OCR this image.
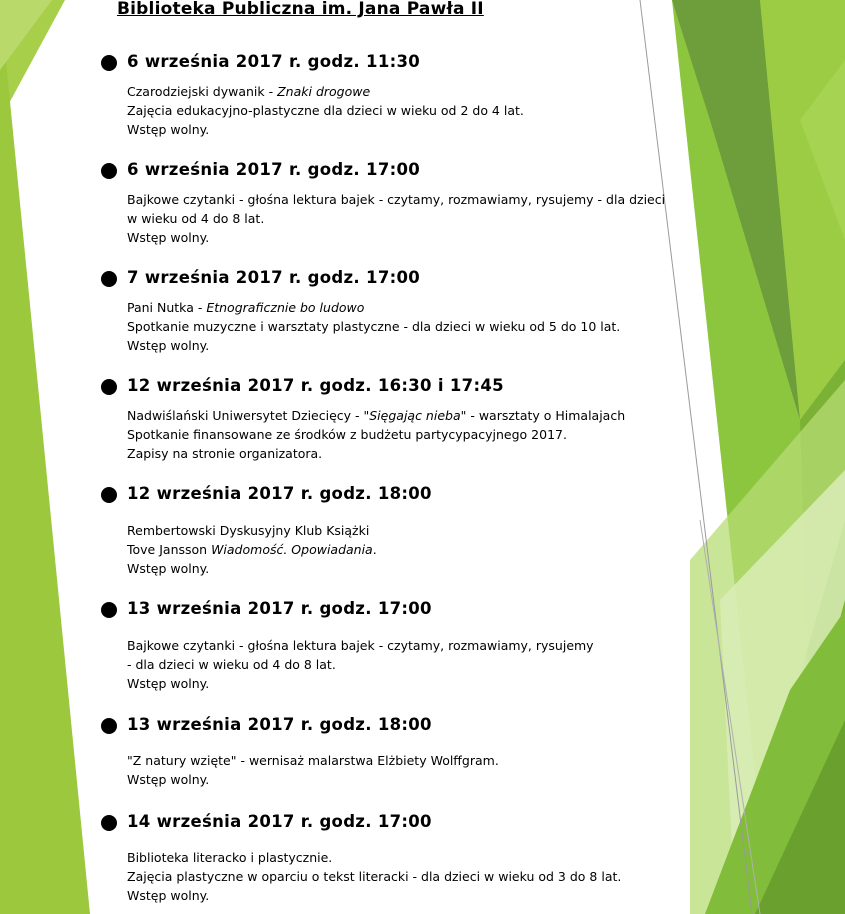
Biblioteka Publiczna im. Jana Pawła II
6 września 2017 r. godz. 11:30
Czarodziejski dywanik - Znaki drogowe
Zajęcia edukacyjno-plastyczne dla dzieci w wieku od 2 do 4 lat.
Wstęp wolny.
6 września 2017 r. godz. 17:00
Bajkowe czytanki - głośna lektura bajek - czytamy, rozmawiamy, rysujemy - dla dzieci
w wieku od 4 do 8 lat.
Wstęp wolny.
7 września 2017 r. godz. 17:00
Pani Nutka - Etnograficznie bo ludowo
Spotkanie muzyczne i warsztaty plastyczne - dla dzieci w wieku od 5 do 10 lat.
Wstęp wolny.
12 września 2017 r. godz. 16:30 i 17:45
Nadwiślański Uniwersytet Dziecięcy - "Sięgając nieba" - warsztaty o Himalajach
Spotkanie finansowane ze środków z budżetu partycypacyjnego 2017.
Zapisy na stronie organizatora.
12 września 2017 r. godz. 18:00
Rembertowski Dyskusyjny Klub Książki
Tove Jansson Wiadomość. Opowiadania.
Wstęp wolny.
13 września 2017 r. godz. 17:00
Bajkowe czytanki - głośna lektura bajek - czytamy, rozmawiamy, rysujemy
- dla dzieci w wieku od 4 do 8 lat.
Wstęp wolny.
13 września 2017 r. godz. 18:00
"Z natury wzięte" - wernisaż malarstwa Elżbiety Wolffgram.
Wstęp wolny.
14 września 2017 r. godz. 17:00
Biblioteka literacko i plastycznie.
Zajęcia plastyczne w oparciu o tekst literacki - dla dzieci w wieku od 3 do 8 lat.
Wstęp wolny.
